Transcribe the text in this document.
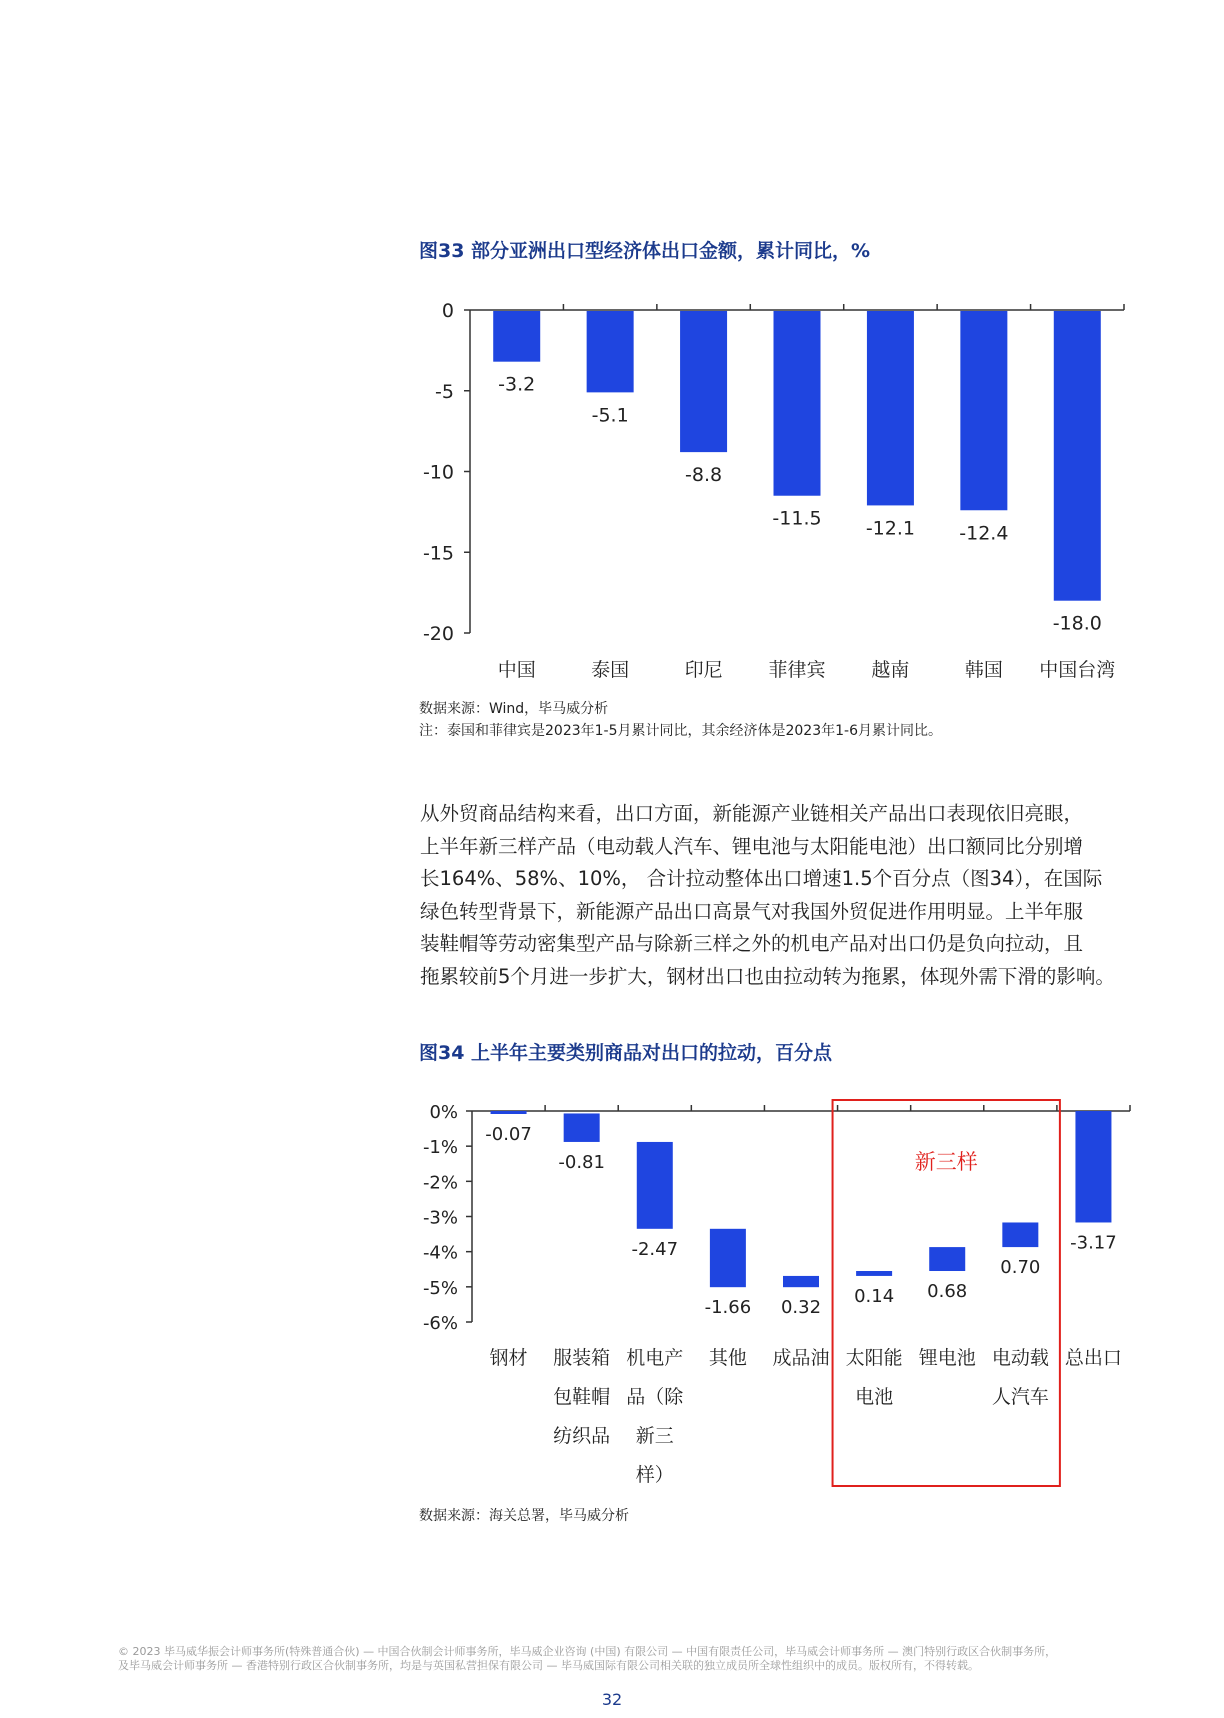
图33 部分亚洲出口型经济体出口金额，累计同比，%
0
-5
-10
-15
-20
-3.2
中国
-5.1
泰国
-8.8
印尼
-11.5
菲律宾
-12.1
越南
-12.4
韩国
-18.0
中国台湾
数据来源：Wind，毕马威分析
注：泰国和菲律宾是2023年1-5月累计同比，其余经济体是2023年1-6月累计同比。

从外贸商品结构来看，出口方面，新能源产业链相关产品出口表现依旧亮眼，

上半年新三样产品（电动载人汽车、锂电池与太阳能电池）出口额同比分别增

长164%、58%、10%， 合计拉动整体出口增速1.5个百分点（图34），在国际

绿色转型背景下，新能源产品出口高景气对我国外贸促进作用明显。上半年服

装鞋帽等劳动密集型产品与除新三样之外的机电产品对出口仍是负向拉动，且

拖累较前5个月进一步扩大，钢材出口也由拉动转为拖累，体现外需下滑的影响。

图34 上半年主要类别商品对出口的拉动，百分点
0%
-1%
-2%
-3%
-4%
-5%
-6%
-0.07
钢材
-0.81
服装箱
包鞋帽
纺织品
-2.47
机电产
品（除
新三
样）
-1.66
其他
0.32
成品油
0.14
太阳能
电池
0.68
锂电池
0.70
电动载
人汽车
-3.17
总出口
新三样
数据来源：海关总署，毕马威分析

© 2023 毕马威华振会计师事务所(特殊普通合伙) — 中国合伙制会计师事务所，毕马威企业咨询 (中国) 有限公司 — 中国有限责任公司，毕马威会计师事务所 — 澳门特别行政区合伙制事务所，

及毕马威会计师事务所 — 香港特别行政区合伙制事务所，均是与英国私营担保有限公司 — 毕马威国际有限公司相关联的独立成员所全球性组织中的成员。版权所有，不得转载。

32
